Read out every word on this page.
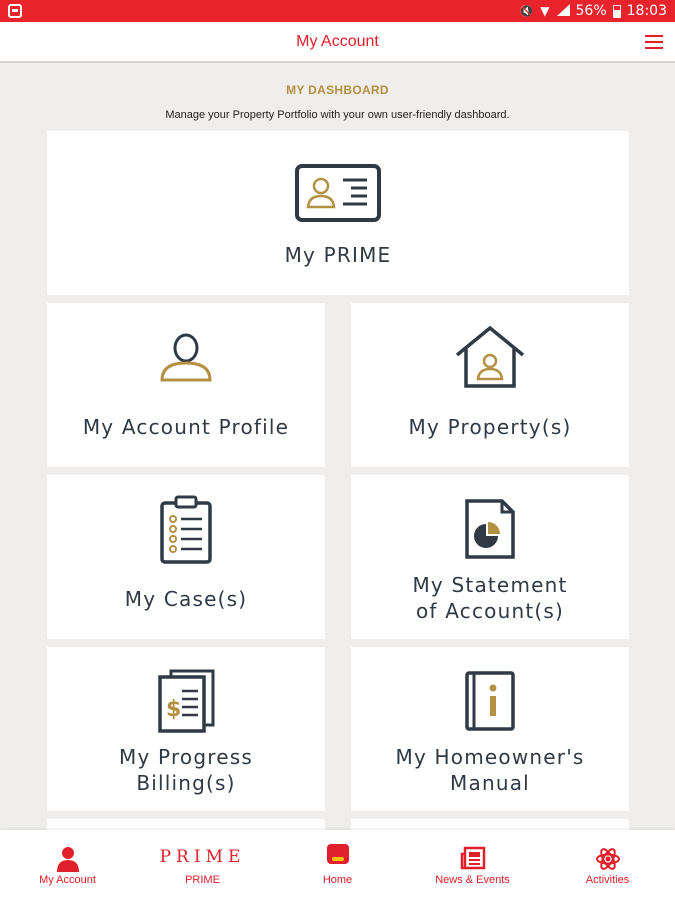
🔇 ▼ 56% 18:03
My Account
MY DASHBOARD
Manage your Property Portfolio with your own user-friendly dashboard.
My PRIME
My Account Profile	My Property(s)
My Case(s)
My Statement
of Account(s)
$
My Progress
Billing(s)
My Homeowner's
Manual
My Account
PRIME
PRIME	Home	News & Events	Activities
